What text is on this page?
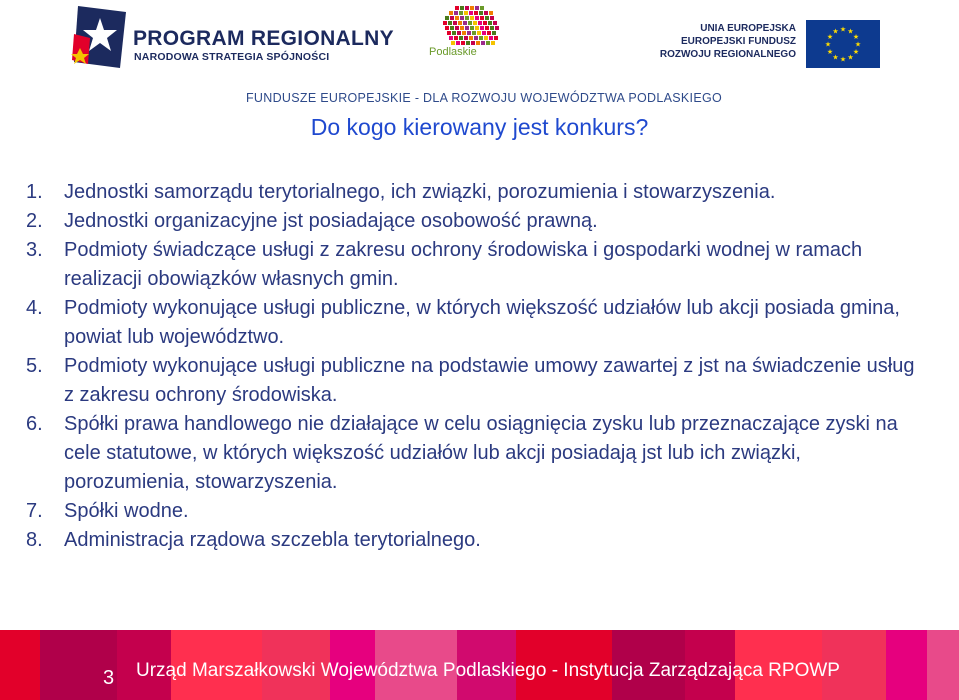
PROGRAM REGIONALNY
NARODOWA STRATEGIA SPÓJNOŚCI	Podlaskie
UNIA EUROPEJSKA
EUROPEJSKI FUNDUSZ
ROZWOJU REGIONALNEGO
★ ★
★
★
★
★
★
★
★
★
★
★
FUNDUSZE EUROPEJSKIE - DLA ROZWOJU WOJEWÓDZTWA PODLASKIEGO
Do kogo kierowany jest konkurs?
1.	Jednostki samorządu terytorialnego, ich związki, porozumienia i stowarzyszenia.
2.	Jednostki organizacyjne jst posiadające osobowość prawną.
3.	Podmioty świadczące usługi z zakresu ochrony środowiska i gospodarki wodnej w ramach realizacji obowiązków własnych gmin.
4.	Podmioty wykonujące usługi publiczne, w których większość udziałów lub akcji posiada gmina, powiat lub województwo.
5.	Podmioty wykonujące usługi publiczne na podstawie umowy zawartej z jst na świadczenie usług z zakresu ochrony środowiska.
6.	Spółki prawa handlowego nie działające w celu osiągnięcia zysku lub przeznaczające zyski na cele statutowe, w których większość udziałów lub akcji posiadają jst lub ich związki, porozumienia, stowarzyszenia.
7.	Spółki wodne.
8.	Administracja rządowa szczebla terytorialnego.
3 Urząd Marszałkowski Województwa Podlaskiego - Instytucja Zarządzająca RPOWP
